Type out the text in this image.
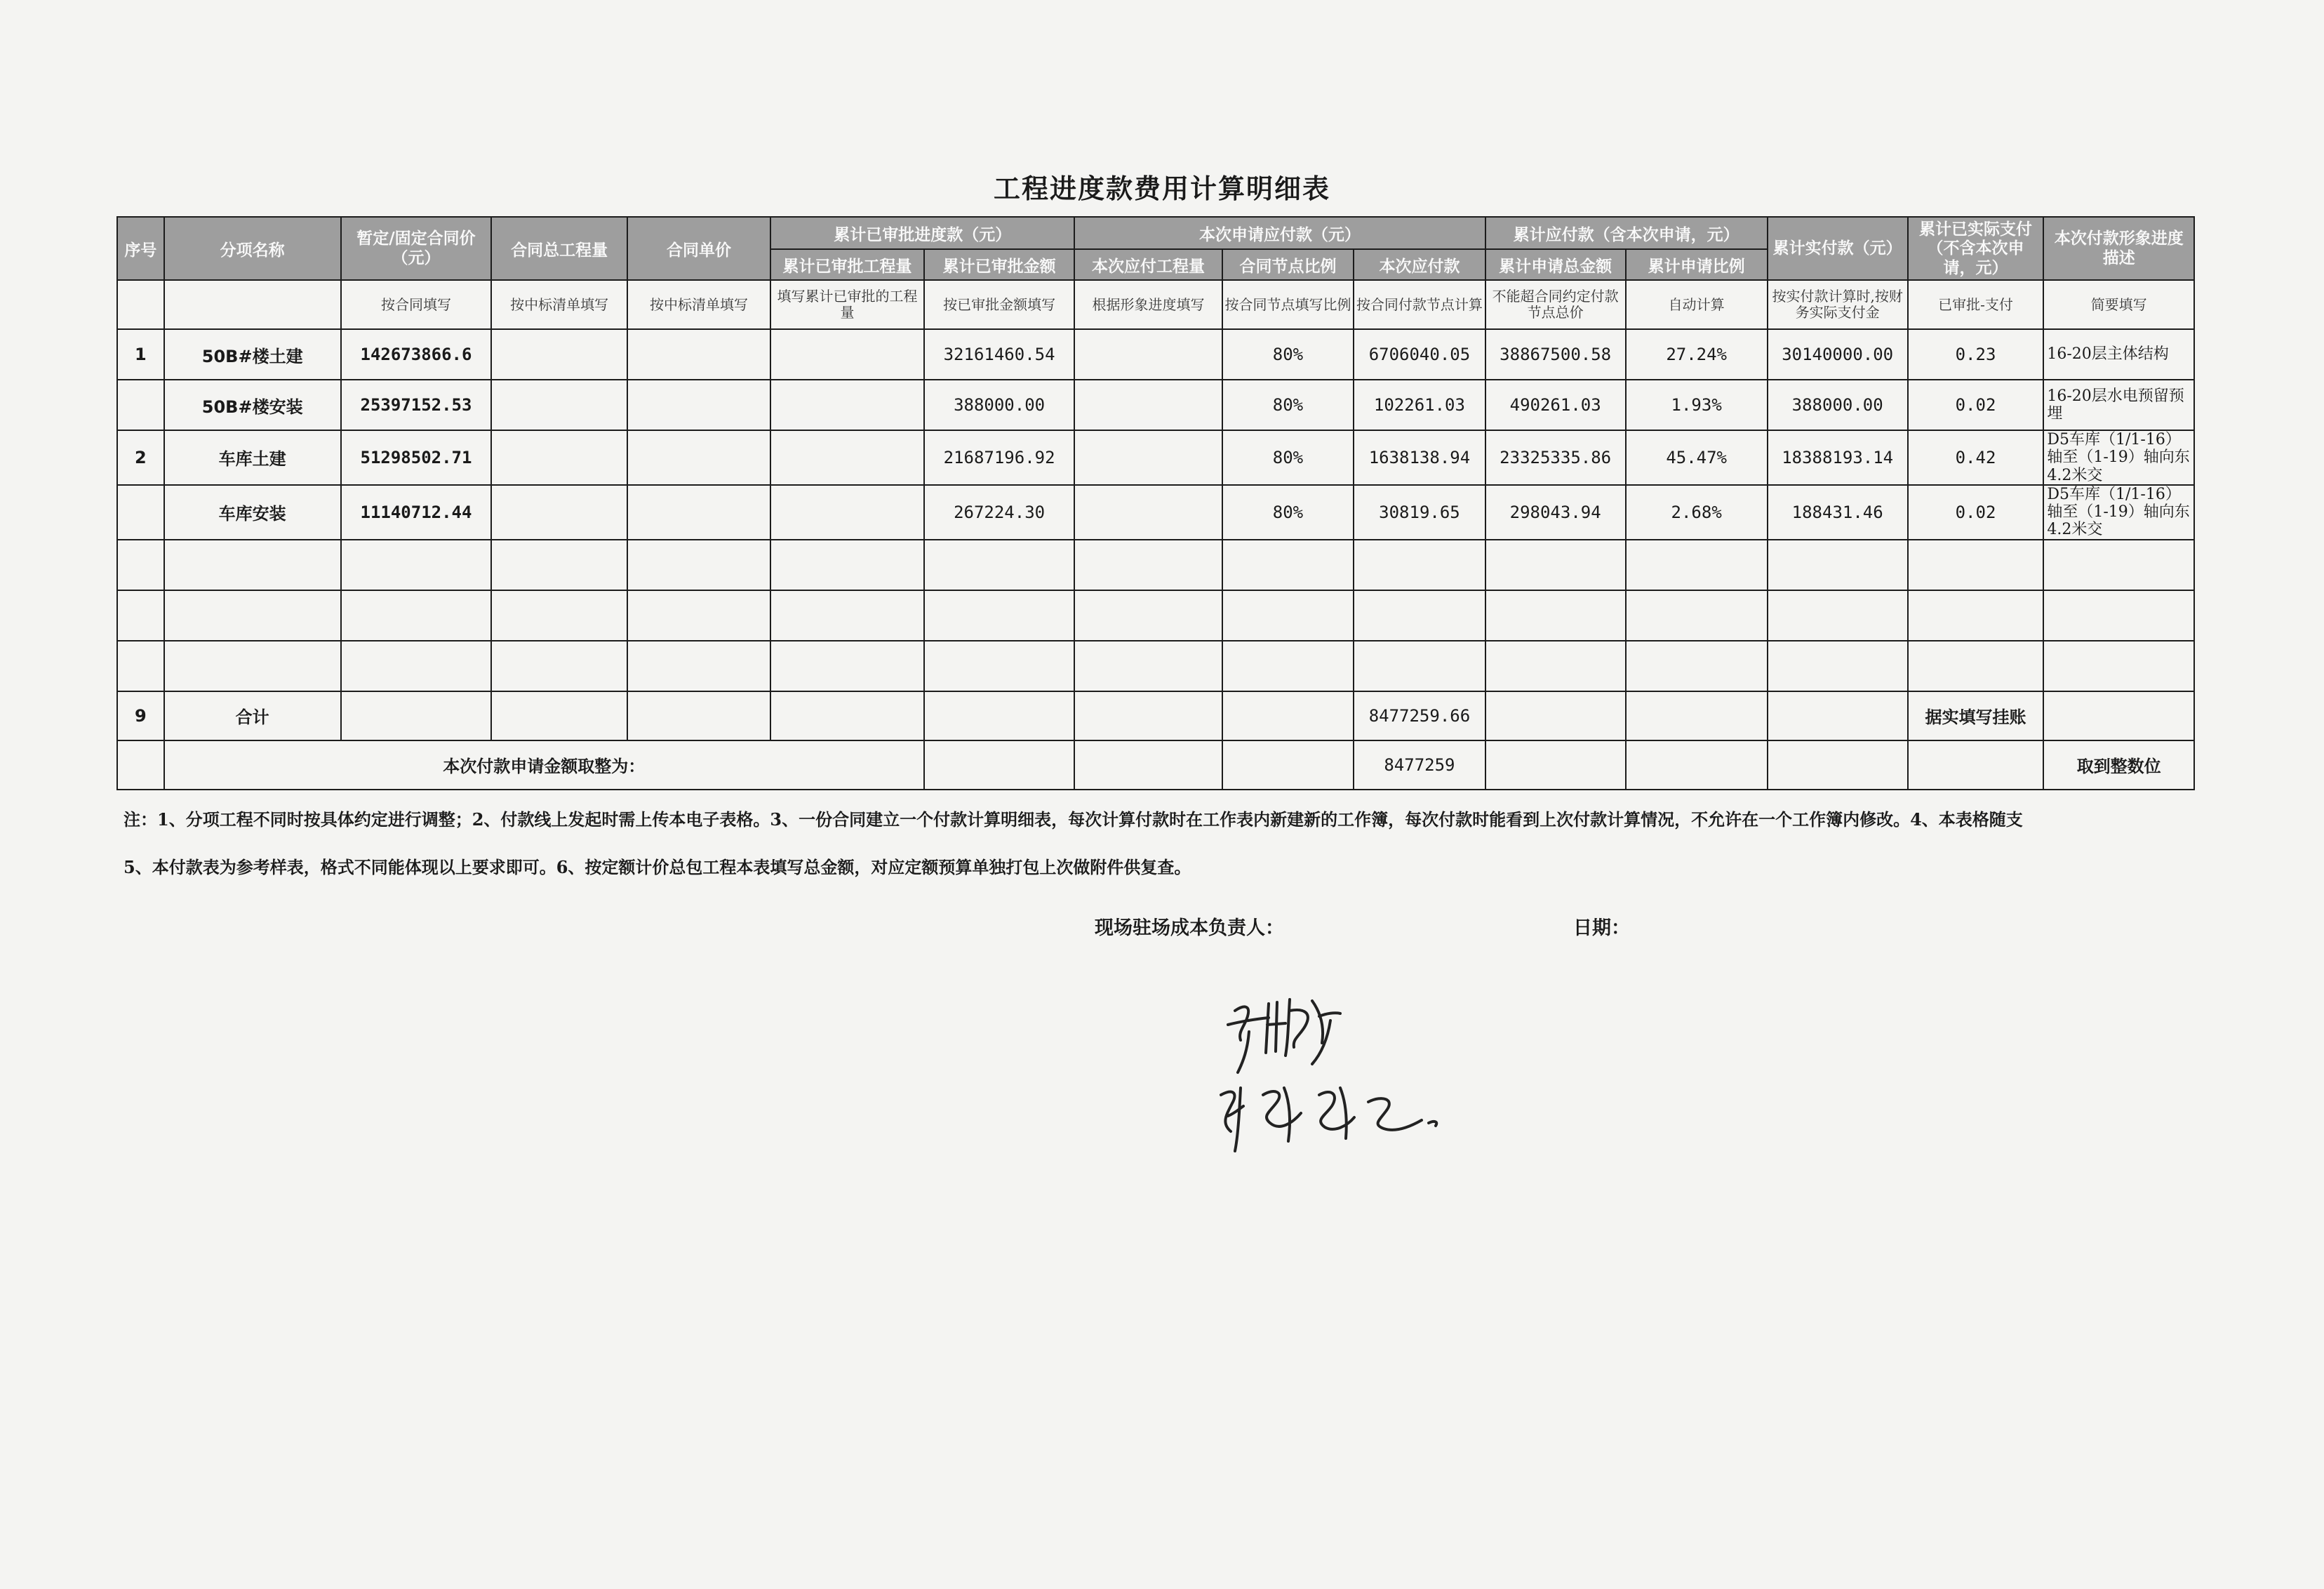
工程进度款费用计算明细表
序号	分项名称	暂定/固定合同价（元）	合同总工程量	合同单价	累计已审批进度款（元）		本次申请应付款（元）			累计应付款（含本次申请，元）		累计实付款（元）	累计已实际支付（不含本次申请，元）	本次付款形象进度描述
					累计已审批工程量	累计已审批金额	本次应付工程量	合同节点比例	本次应付款	累计申请总金额	累计申请比例			
		按合同填写	按中标清单填写	按中标清单填写	填写累计已审批的工程量	按已审批金额填写	根据形象进度填写	按合同节点填写比例	按合同付款节点计算	不能超合同约定付款节点总价	自动计算	按实付款计算时,按财务实际支付金	已审批-支付	简要填写
1	50B#楼土建	142673866.6				32161460.54		80%	6706040.05	38867500.58	27.24%	30140000.00	0.23	16-20层主体结构
	50B#楼安装	25397152.53				388000.00		80%	102261.03	490261.03	1.93%	388000.00	0.02	16-20层水电预留预埋
2	车库土建	51298502.71				21687196.92		80%	1638138.94	23325335.86	45.47%	18388193.14	0.42	D5车库（1/1-16）轴至（1-19）轴向东4.2米交
	车库安装	11140712.44				267224.30		80%	30819.65	298043.94	2.68%	188431.46	0.02	D5车库（1/1-16）轴至（1-19）轴向东4.2米交

9	合计								8477259.66				据实填写挂账	
	本次付款申请金额取整为：								8477259					取到整数位
注：1、分项工程不同时按具体约定进行调整；2、付款线上发起时需上传本电子表格。3、一份合同建立一个付款计算明细表，每次计算付款时在工作表内新建新的工作簿，每次付款时能看到上次付款计算情况，不允许在一个工作簿内修改。4、本表格随支
5、本付款表为参考样表，格式不同能体现以上要求即可。6、按定额计价总包工程本表填写总金额，对应定额预算单独打包上次做附件供复查。
现场驻场成本负责人：	日期：
